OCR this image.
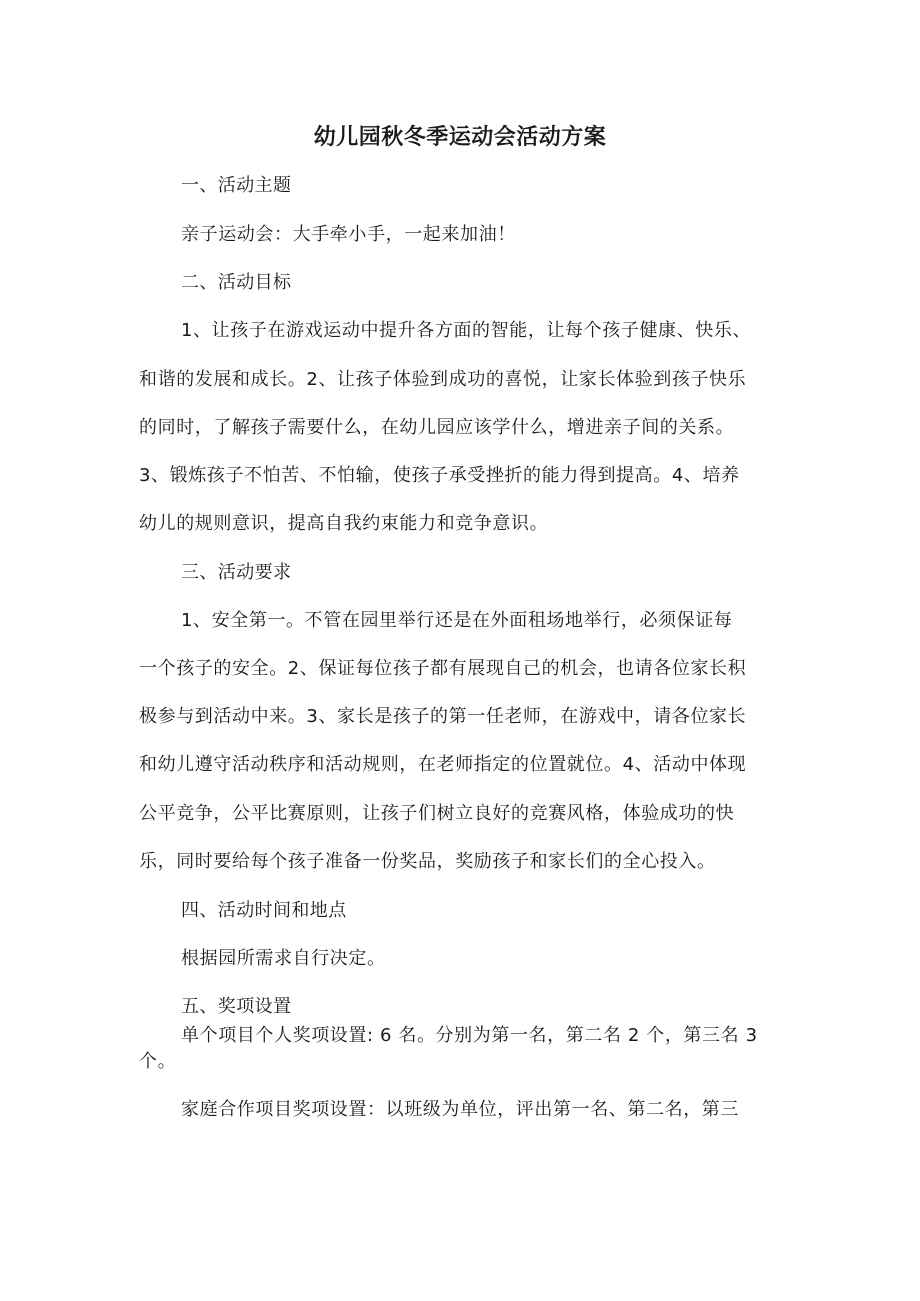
幼儿园秋冬季运动会活动方案

一、活动主题

亲子运动会：大手牵小手，一起来加油！

二、活动目标

1、让孩子在游戏运动中提升各方面的智能，让每个孩子健康、快乐、

和谐的发展和成长。2、让孩子体验到成功的喜悦，让家长体验到孩子快乐

的同时，了解孩子需要什么，在幼儿园应该学什么，增进亲子间的关系。

3、锻炼孩子不怕苦、不怕输，使孩子承受挫折的能力得到提高。4、培养

幼儿的规则意识，提高自我约束能力和竞争意识。

三、活动要求

1、安全第一。不管在园里举行还是在外面租场地举行，必须保证每

一个孩子的安全。2、保证每位孩子都有展现自己的机会，也请各位家长积

极参与到活动中来。3、家长是孩子的第一任老师，在游戏中，请各位家长

和幼儿遵守活动秩序和活动规则，在老师指定的位置就位。4、活动中体现

公平竞争，公平比赛原则，让孩子们树立良好的竞赛风格，体验成功的快

乐，同时要给每个孩子准备一份奖品，奖励孩子和家长们的全心投入。

四、活动时间和地点

根据园所需求自行决定。

五、奖项设置

单个项目个人奖项设置: 6 名。分别为第一名，第二名 2 个，第三名 3

个。

家庭合作项目奖项设置：以班级为单位，评出第一名、第二名，第三
